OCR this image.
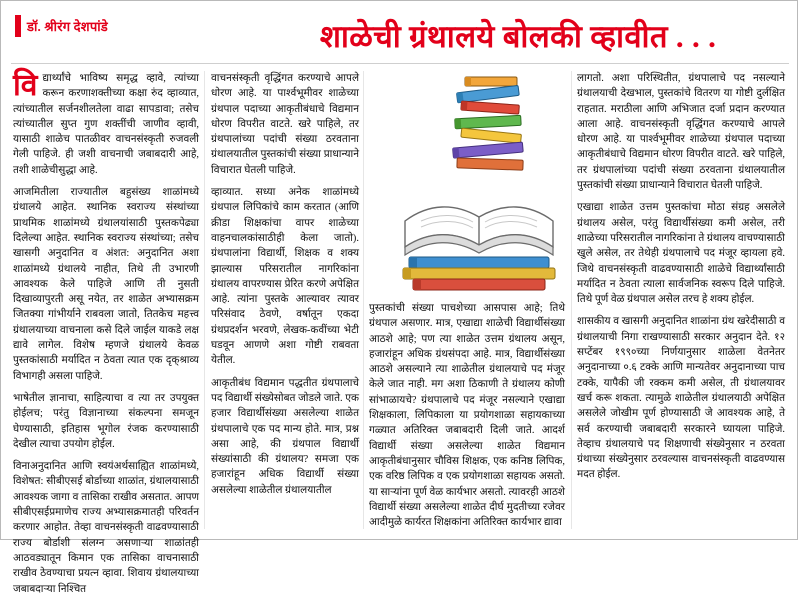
डॉ. श्रीरंग देशपांडे	शाळेची ग्रंथालये बोलकी व्हावीत . . .

विद्यार्थ्यांचे भाविष्य समृद्ध व्हावे, त्यांच्या करून करणाशक्तीच्या कक्षा रुंद व्हाव्यात, त्यांच्यातील सर्जनशीलतेला वाढा सापडावा; तसेच त्यांच्यातील सुप्त गुण शक्तींची जाणीव व्हावी, यासाठी शाळेच पातळीवर वाचनसंस्कृती रुजवली गेली पाहिजे. ही जशी वाचनाची जबाबदारी आहे, तशी शाळेचीसुद्धा आहे.

आजमितीला राज्यातील बहुसंख्य शाळांमध्ये ग्रंथालये आहेत. स्थानिक स्वराज्य संस्थांच्या प्राथमिक शाळांमध्ये ग्रंथालयांसाठी पुस्तकपेढ्या दिलेल्या आहेत. स्थानिक स्वराज्य संस्थांच्या; तसेच खासगी अनुदानित व अंशत: अनुदानित अशा शाळांमध्ये ग्रंथालये नाहीत, तिथे ती उभारणी आवश्यक केले पाहिजे आणि ती नुसती दिखाव्यापुरती असू नयेत, तर शाळेत अभ्यासक्रम जितक्या गांभीर्याने राबवला जातो, तितकेच महत्त्व ग्रंथालयाच्या वाचनाला कसे दिले जाईल याकडे लक्ष द्यावे लागेल. विशेष म्हणजे ग्रंथालये केवळ पुस्तकांसाठी मर्यादित न ठेवता त्यात एक दृक्‌श्राव्य विभागही असला पाहिजे.

भाषेतील ज्ञानाचा, साहित्याचा व त्या तर उपयुक्त होईलच; परंतु विज्ञानाच्या संकल्पना समजून घेण्यासाठी, इतिहास भूगोल रंजक करण्यासाठी देखील त्याचा उपयोग होईल.

विनाअनुदानित आणि स्वयंअर्थसाह्यित शाळांमध्ये, विशेषत: सीबीएसई बोर्डाच्या शाळांत, ग्रंथालयासाठी आवश्यक जागा व तासिका राखीव असतात. आपण सीबीएसईप्रमाणेच राज्य अभ्यासक्रमातही परिवर्तन करणार आहोत. तेव्हा वाचनसंस्कृती वाढवण्यासाठी राज्य बोर्डाशी संलग्न असणाऱ्या शाळांतही आठवड्यातून किमान एक तासिका वाचनासाठी राखीव ठेवण्याचा प्रयत्न व्हावा. शिवाय ग्रंथालयाच्या जबाबदाऱ्या निश्चित

वाचनसंस्कृती वृद्धिंगत करण्याचे आपले धोरण आहे. या पार्श्वभूमीवर शाळेच्या ग्रंथपाल पदाच्या आकृतीबंधाचे विद्यमान धोरण विपरीत वाटते. खरे पाहिले, तर ग्रंथपालांच्या पदांची संख्या ठरवताना ग्रंथालयातील पुस्तकांची संख्या प्राधान्याने विचारात घेतली पाहिजे.

व्हाव्यात. सध्या अनेक शाळांमध्ये ग्रंथपाल लिपिकांचे काम करतात (आणि क्रीडा शिक्षकांचा वापर शाळेच्या वाहनचालकांसाठीही केला जातो). ग्रंथपालांना विद्यार्थी, शिक्षक व शक्य झाल्यास परिसरातील नागरिकांना ग्रंथालय वापरण्यास प्रेरित करणे अपेक्षित आहे. त्यांना पुस्तके आल्यावर त्यावर परिसंवाद ठेवणे, वर्षातून एकदा ग्रंथप्रदर्शन भरवणे, लेखक-कवींच्या भेटी घडवून आणणे अशा गोष्टी राबवता येतील.

आकृतीबंध विद्यमान पद्धतीत ग्रंथपालाचे पद विद्यार्थी संख्येसोबत जोडले जाते. एक हजार विद्यार्थीसंख्या असलेल्या शाळेत ग्रंथपालाचे एक पद मान्य होते. मात्र, प्रश्न असा आहे, की ग्रंथपाल विद्यार्थी संख्यांसाठी की ग्रंथालय? समजा एक हजारांहून अधिक विद्यार्थी संख्या असलेल्या शाळेतील ग्रंथालयातील

पुस्तकांची संख्या पाचशेच्या आसपास आहे; तिथे ग्रंथपाल असणार. मात्र, एखाद्या शाळेची विद्यार्थीसंख्या आठशे आहे; पण त्या शाळेत उत्तम ग्रंथालय असून, हजारांहून अधिक ग्रंथसंपदा आहे. मात्र, विद्यार्थीसंख्या आठशे असल्याने त्या शाळेतील ग्रंथालयाचे पद मंजूर केले जात नाही. मग अशा ठिकाणी ते ग्रंथालय कोणी सांभाळायचे? ग्रंथपालाचे पद मंजूर नसल्याने एखाद्या शिक्षकाला, लिपिकाला या प्रयोगशाळा सहायकाच्या गळ्यात अतिरिक्त जबाबदारी दिली जाते. आदर्श विद्यार्थी संख्या असलेल्या शाळेत विद्यमान आकृतीबंधानुसार चौविस शिक्षक, एक कनिष्ठ लिपिक, एक वरिष्ठ लिपिक व एक प्रयोगशाळा सहायक असतो. या साऱ्यांना पूर्ण वेळ कार्यभार असतो. त्यावरही आठशे विद्यार्थी संख्या असलेल्या शाळेत दीर्घ मुदतीच्या रजेवर आदीमुळे कार्यरत शिक्षकांना अतिरिक्त कार्यभार द्यावा

लागतो. अशा परिस्थितीत, ग्रंथपालाचे पद नसल्याने ग्रंथालयाची देखभाल, पुस्तकांचे वितरण या गोष्टी दुर्लक्षित राहतात. मराठीला आणि अभिजात दर्जा प्रदान करण्यात आला आहे. वाचनसंस्कृती वृद्धिंगत करण्याचे आपले धोरण आहे. या पार्श्वभूमीवर शाळेच्या ग्रंथपाल पदाच्या आकृतीबंधाचे विद्यमान धोरण विपरीत वाटते. खरे पाहिले, तर ग्रंथपालांच्या पदांची संख्या ठरवताना ग्रंथालयातील पुस्तकांची संख्या प्राधान्याने विचारात घेतली पाहिजे.

एखाद्या शाळेत उत्तम पुस्तकांचा मोठा संग्रह असलेले ग्रंथालय असेल, परंतु विद्यार्थीसंख्या कमी असेल, तरी शाळेच्या परिसरातील नागरिकांना ते ग्रंथालय वाचण्यासाठी खुले असेल, तर तेथेही ग्रंथपालाचे पद मंजूर व्हायला हवे. जिथे वाचनसंस्कृती वाढवण्यासाठी शाळेचे विद्यार्थ्यांसाठी मर्यादित न ठेवता त्याला सार्वजनिक स्वरूप दिले पाहिजे. तिथे पूर्ण वेळ ग्रंथपाल असेल तरच हे शक्य होईल.

शासकीय व खासगी अनुदानित शाळांना ग्रंथ खरेदीसाठी व ग्रंथालयाची निगा राखण्यासाठी सरकार अनुदान देते. १२ सप्टेंबर १९९०च्या निर्णयानुसार शाळेला वेतनेतर अनुदानाच्या ०.६ टक्के आणि मान्यतेवर अनुदानाच्या पाच टक्के, यापैकी जी रक्कम कमी असेल, ती ग्रंथालयावर खर्च करू शकता. त्यामुळे शाळेतील ग्रंथालयाठी अपेक्षित असलेले जोखीम पूर्ण होण्यासाठी जे आवश्यक आहे, ते सर्व करण्याची जबाबदारी सरकारने घ्यायला पाहिजे. तेव्हाच ग्रंथालयाचे पद शिक्षणाची संख्येनुसार न ठरवता ग्रंथाच्या संख्येनुसार ठरवल्यास वाचनसंस्कृती वाढवण्यास मदत होईल.
